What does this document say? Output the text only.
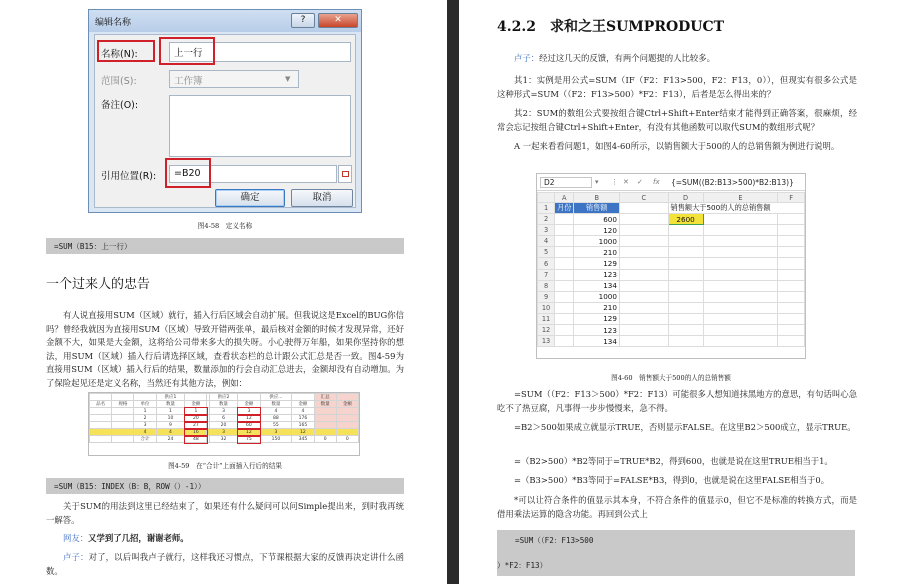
编辑名称	?	✕
名称(N):	上一行
范围(S):	工作簿	▼
备注(O):
引用位置(R):	=B20
确定	取消
图4-58　定义名称
=SUM（B15：上一行）
一个过来人的忠告
有人说直接用SUM（区域）就行，插入行后区域会自动扩展。但我说这是Excel的BUG你信吗？曾经我就因为直接用SUM（区域）导致开错两张单，最后核对金额的时候才发现异常，还好金额不大，如果是大金额，这将给公司带来多大的损失呀。小心驶得万年船，如果你坚持你的想法，用SUM（区域）插入行后请选择区域，查看状态栏的总计跟公式汇总是否一致。图4-59为直接用SUM（区域）插入行后的结果，数量添加的行会自动汇总进去，金额却没有自动增加。为了保险起见还是定义名称，当然还有其他方法，例如：
			供应1			供应2		供应...		汇总	
品名	规格	单位	数量	金额		数量	金额	数量	金额	数量	金额
		1	1	1		3	3	4	4		
		2	10	20		6	12	88	176		
		3	9	27		20	60	55	165		
		4	4	16		3	12	3	12		
		合计	24	48		32	75	150	345	0	0
图4-59　在“合计”上面插入行后的结果
=SUM（B15：INDEX（B：B，ROW（）-1））
关于SUM的用法到这里已经结束了，如果还有什么疑问可以问Simple提出来，到时我再统一解答。
网友：又学到了几招，谢谢老师。
卢子：对了，以后叫我卢子就行，这样我还习惯点，下节课根据大家的反馈再决定讲什么函数。
4.2.2　求和之王SUMPRODUCT
卢子：经过这几天的反馈，有两个问题提的人比较多。
其1：实例是用公式=SUM（IF（F2：F13>500，F2：F13，0）），但现实有很多公式是这种形式=SUM（（F2：F13>500）*F2：F13），后者是怎么得出来的？
其2：SUM的数组公式要按组合键Ctrl+Shift+Enter结束才能得到正确答案，很麻烦，经常会忘记按组合键Ctrl+Shift+Enter，有没有其他函数可以取代SUM的数组形式呢？
A 一起来看看问题1，如图4-60所示，以销售额大于500的人的总销售额为例进行说明。
D2	▾ ⋮ ✕ ✓ fx {=SUM((B2:B13>500)*B2:B13)}
	A	B	C	D	E	F
1	月份	销售额		销售额大于500的人的总销售额		
2		600		2600		
3		120				
4		1000				
5		210				
6		129				
7		123				
8		134				
9		1000				
10		210				
11		129				
12		123				
13		134				
图4-60　销售额大于500的人的总销售额
=SUM（（F2：F13＞500）*F2：F13）可能很多人想知道抹黑地方的意思，有句话叫心急吃不了热豆腐，凡事得一步步慢慢来，急不得。
=B2＞500如果成立就显示TRUE，否则显示FALSE。在这里B2＞500成立，显示TRUE。
=（B2>500）*B2等同于=TRUE*B2，得到600，也就是说在这里TRUE相当于1。
=（B3>500）*B3等同于=FALSE*B3，得到0，也就是说在这里FALSE相当于0。
*可以让符合条件的值显示其本身，不符合条件的值显示0，但它不是标准的转换方式，而是借用乘法运算的隐含功能。再回到公式上
=SUM（（F2：F13>500
）*F2：F13）
